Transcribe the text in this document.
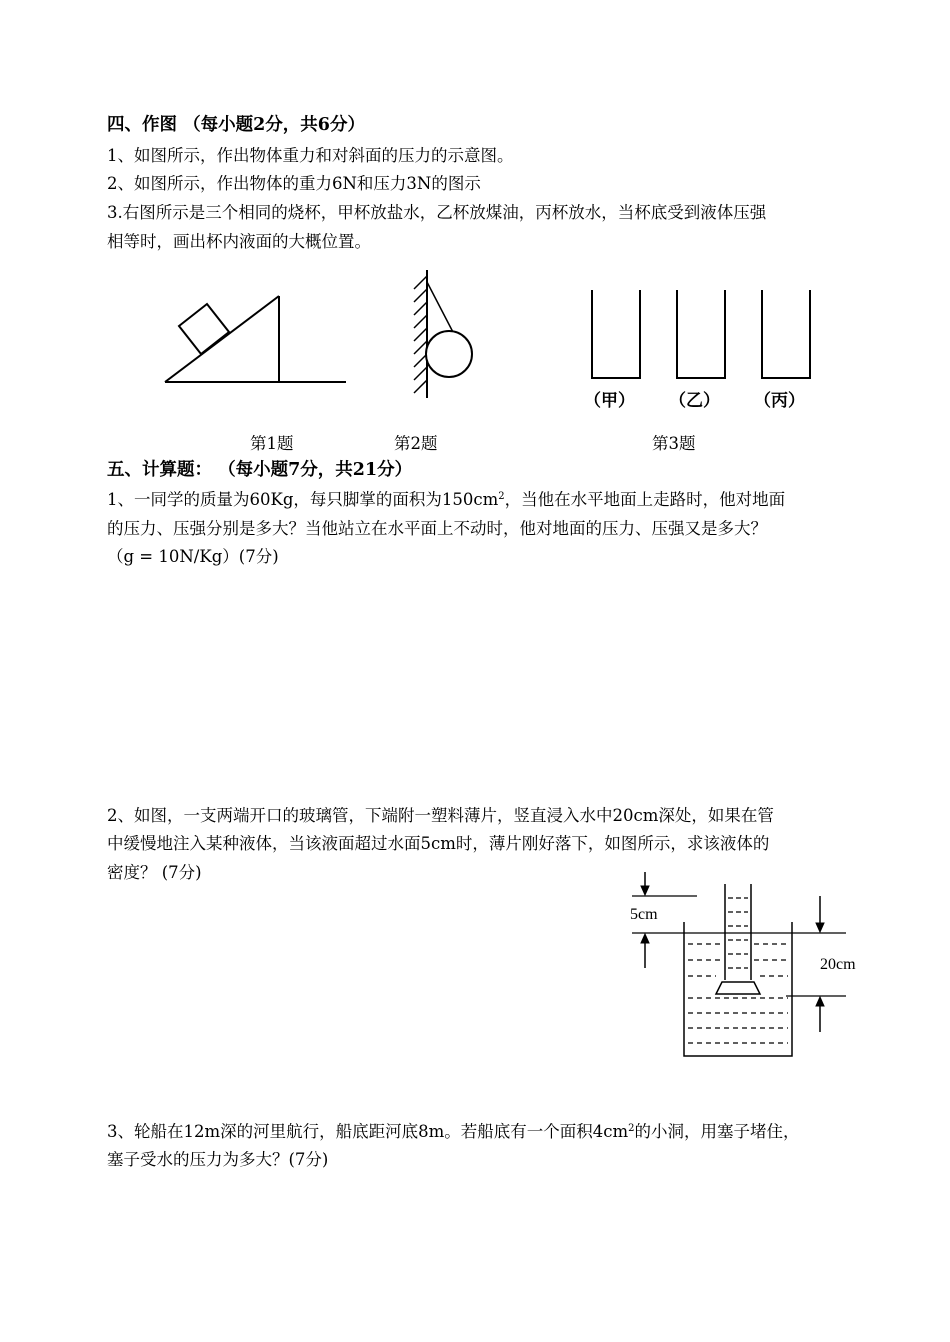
四、作图 （每小题2分，共6分）
1、如图所示，作出物体重力和对斜面的压力的示意图。
2、如图所示，作出物体的重力6N和压力3N的图示
3.右图所示是三个相同的烧杯，甲杯放盐水，乙杯放煤油，丙杯放水，当杯底受到液体压强
相等时，画出杯内液面的大概位置。
（甲） （乙） （丙）
第1题	第2题	第3题
五、计算题： （每小题7分，共21分）
1、一同学的质量为60Kg，每只脚掌的面积为$150cm^2$，当他在水平地面上走路时，他对地面
的压力、压强分别是多大？当他站立在水平面上不动时，他对地面的压力、压强又是多大？
（g = 10N/Kg）(7分)
2、如图，一支两端开口的玻璃管，下端附一塑料薄片，竖直浸入水中20cm深处，如果在管
中缓慢地注入某种液体，当该液面超过水面5cm时，薄片刚好落下，如图所示，求该液体的
密度？ (7分)
5cm
20cm
3、轮船在12m深的河里航行，船底距河底8m。若船底有一个面积$4cm^2$的小洞，用塞子堵住，
塞子受水的压力为多大？(7分)
